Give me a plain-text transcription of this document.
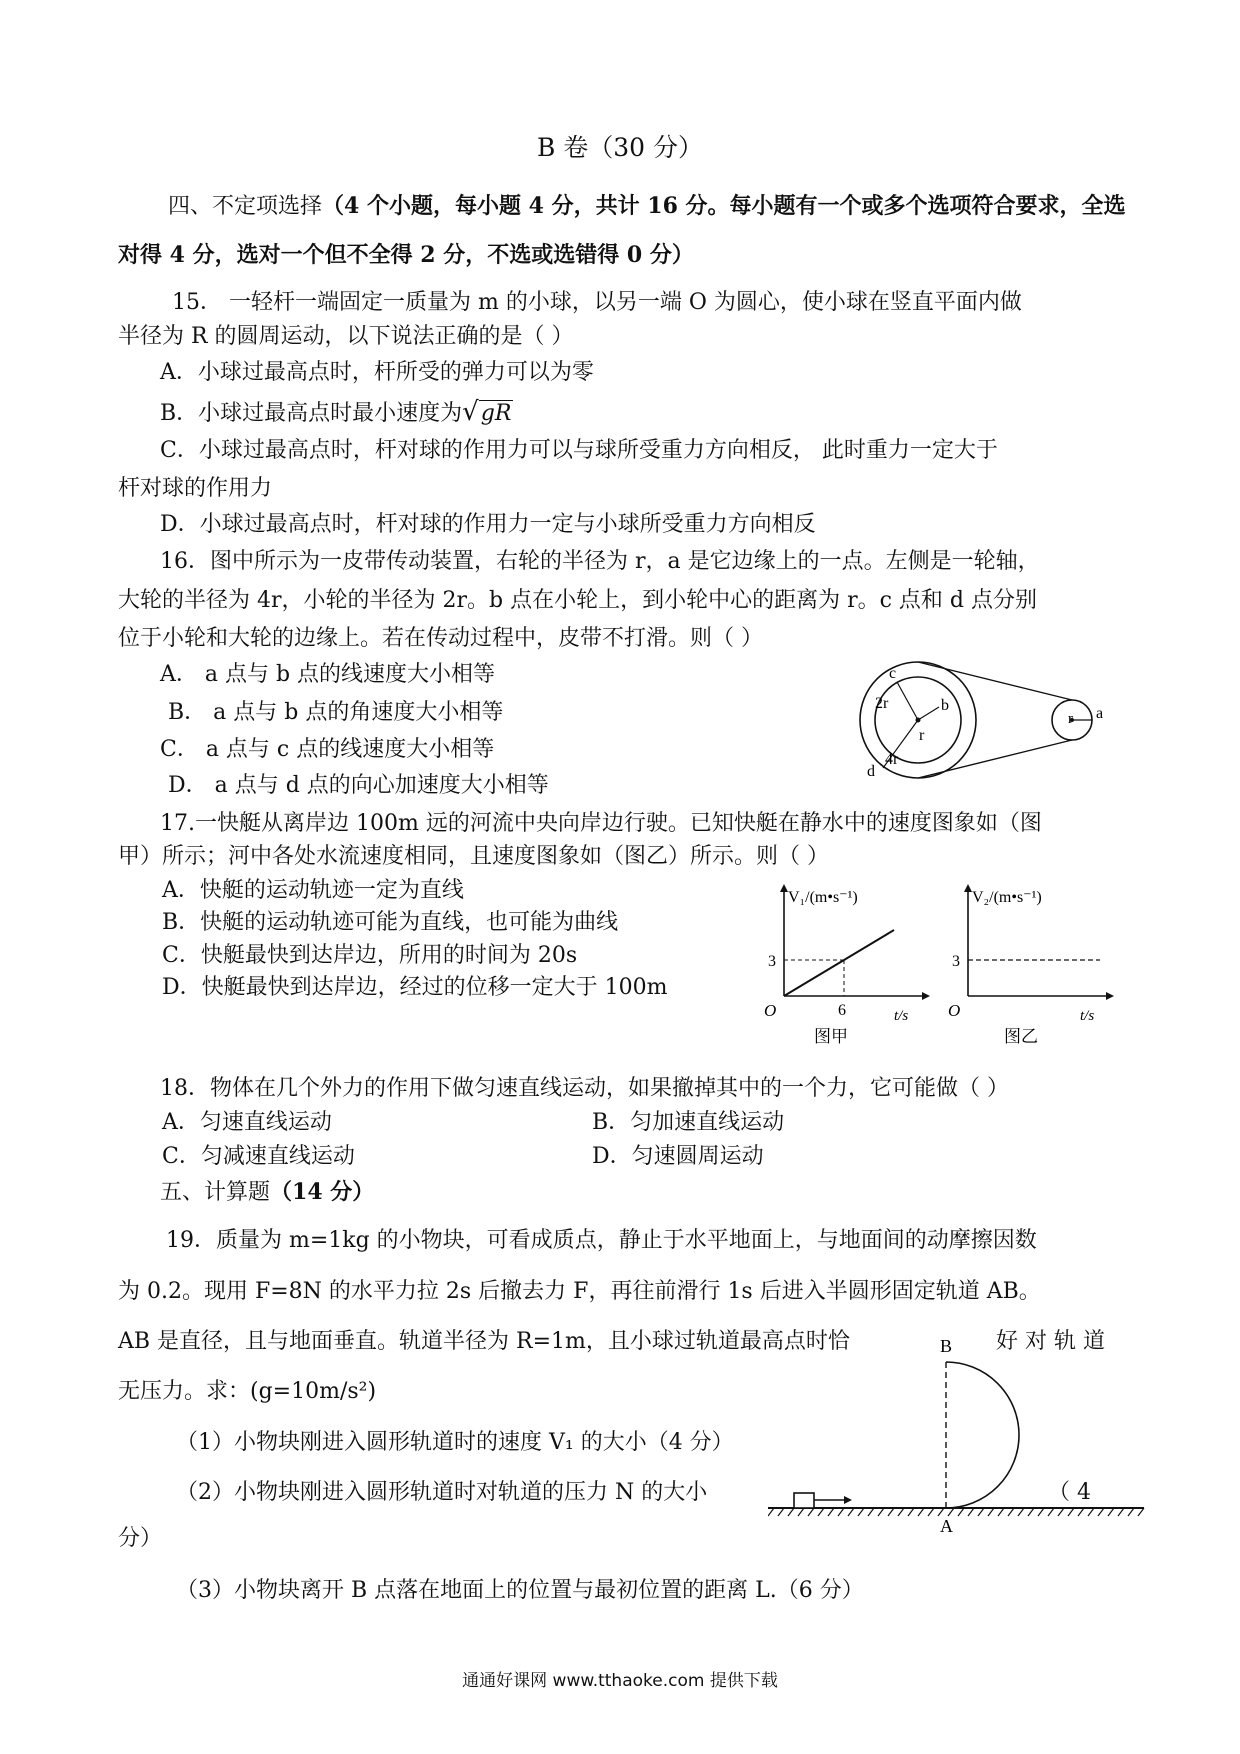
B 卷（30 分）
四、不定项选择（4 个小题，每小题 4 分，共计 16 分。每小题有一个或多个选项符合要求，全选
对得 4 分，选对一个但不全得 2 分，不选或选错得 0 分）
15． 一轻杆一端固定一质量为 m 的小球，以另一端 O 为圆心，使小球在竖直平面内做
半径为 R 的圆周运动，以下说法正确的是（ ）
A．小球过最高点时，杆所受的弹力可以为零
B．小球过最高点时最小速度为√gR
C．小球过最高点时，杆对球的作用力可以与球所受重力方向相反， 此时重力一定大于
杆对球的作用力
D．小球过最高点时，杆对球的作用力一定与小球所受重力方向相反
16．图中所示为一皮带传动装置，右轮的半径为 r，a 是它边缘上的一点。左侧是一轮轴，
大轮的半径为 4r，小轮的半径为 2r。b 点在小轮上，到小轮中心的距离为 r。c 点和 d 点分别
位于小轮和大轮的边缘上。若在传动过程中，皮带不打滑。则（ ）
A． a 点与 b 点的线速度大小相等
B． a 点与 b 点的角速度大小相等
C． a 点与 c 点的线速度大小相等
D． a 点与 d 点的向心加速度大小相等
c
2r	b
r
d
4r
r a
17.一快艇从离岸边 100m 远的河流中央向岸边行驶。已知快艇在静水中的速度图象如（图
甲）所示；河中各处水流速度相同，且速度图象如（图乙）所示。则（ ）
A．快艇的运动轨迹一定为直线
B．快艇的运动轨迹可能为直线，也可能为曲线
C．快艇最快到达岸边，所用的时间为 20s
D．快艇最快到达岸边，经过的位移一定大于 100m
V₁/(m•s⁻¹)
3
6
O	t/s
图甲
V₂/(m•s⁻¹)
3
O	t/s
图乙
18．物体在几个外力的作用下做匀速直线运动，如果撤掉其中的一个力，它可能做（ ）
A．匀速直线运动	B．匀加速直线运动
C．匀减速直线运动	D．匀速圆周运动
五、计算题（14 分）
19．质量为 m=1kg 的小物块，可看成质点，静止于水平地面上，与地面间的动摩擦因数
为 0.2。现用 F=8N 的水平力拉 2s 后撤去力 F，再往前滑行 1s 后进入半圆形固定轨道 AB。
AB 是直径，且与地面垂直。轨道半径为 R=1m，且小球过轨道最高点时恰	好 对 轨 道
无压力。求：(g=10m/s²)
（1）小物块刚进入圆形轨道时的速度 V₁ 的大小（4 分）
（2）小物块刚进入圆形轨道时对轨道的压力 N 的大小	（ 4
分）
（3）小物块离开 B 点落在地面上的位置与最初位置的距离 L.（6 分）
B
A
通通好课网 www.tthaoke.com 提供下载
